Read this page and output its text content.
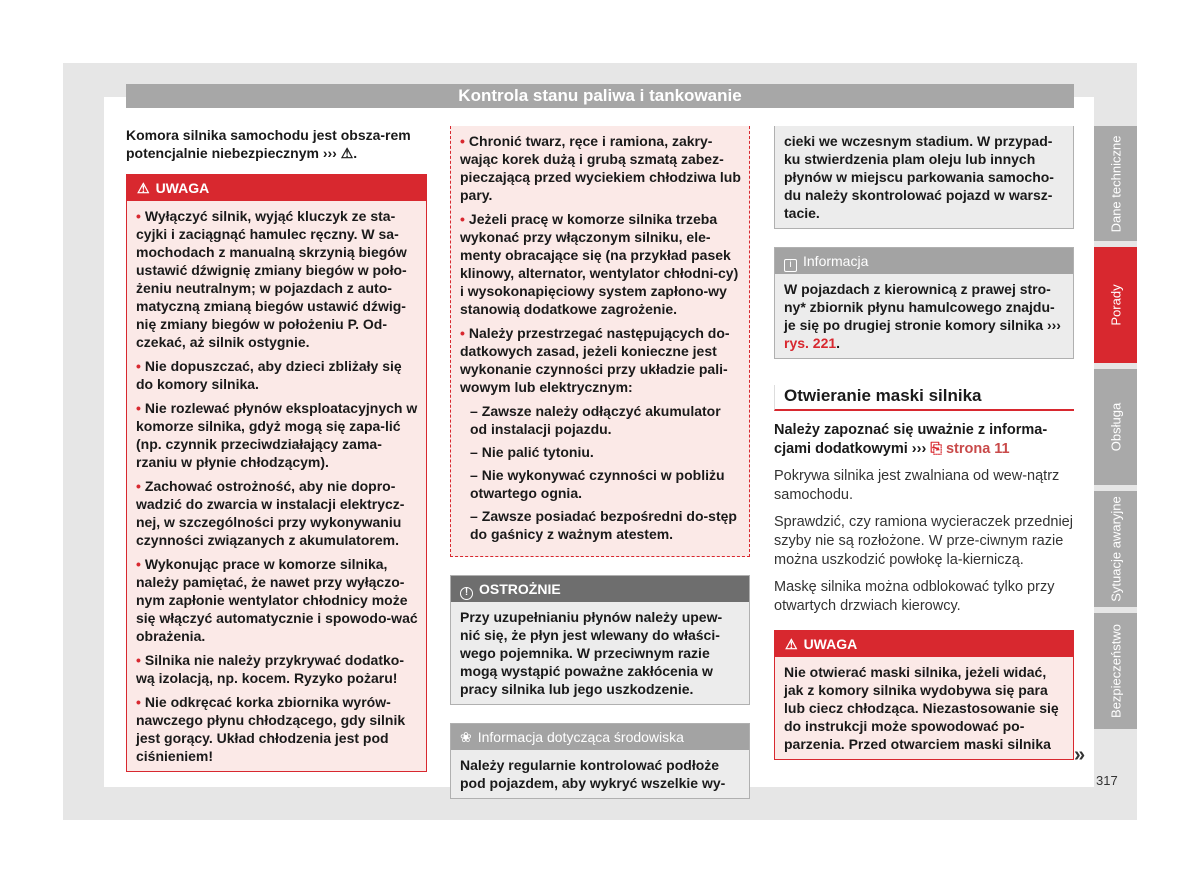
Kontrola stanu paliwa i tankowanie

Komora silnika samochodu jest obsza-rem potencjalnie niebezpiecznym ››› ⚠.

⚠ UWAGA

• Wyłączyć silnik, wyjąć kluczyk ze sta-cyjki i zaciągnąć hamulec ręczny. W sa-mochodach z manualną skrzynią biegów ustawić dźwignię zmiany biegów w poło-żeniu neutralnym; w pojazdach z auto-matyczną zmianą biegów ustawić dźwig-nię zmiany biegów w położeniu P. Od-czekać, aż silnik ostygnie.

• Nie dopuszczać, aby dzieci zbliżały się do komory silnika.

• Nie rozlewać płynów eksploatacyjnych w komorze silnika, gdyż mogą się zapa-lić (np. czynnik przeciwdziałający zama-rzaniu w płynie chłodzącym).

• Zachować ostrożność, aby nie dopro-wadzić do zwarcia w instalacji elektrycz-nej, w szczególności przy wykonywaniu czynności związanych z akumulatorem.

• Wykonując prace w komorze silnika, należy pamiętać, że nawet przy wyłączo-nym zapłonie wentylator chłodnicy może się włączyć automatycznie i spowodo-wać obrażenia.

• Silnika nie należy przykrywać dodatko-wą izolacją, np. kocem. Ryzyko pożaru!

• Nie odkręcać korka zbiornika wyrów-nawczego płynu chłodzącego, gdy silnik jest gorący. Układ chłodzenia jest pod ciśnieniem!

• Chronić twarz, ręce i ramiona, zakry-wając korek dużą i grubą szmatą zabez-pieczającą przed wyciekiem chłodziwa lub pary.

• Jeżeli pracę w komorze silnika trzeba wykonać przy włączonym silniku, ele-menty obracające się (na przykład pasek klinowy, alternator, wentylator chłodni-cy) i wysokonapięciowy system zapłono-wy stanowią dodatkowe zagrożenie.

• Należy przestrzegać następujących do-datkowych zasad, jeżeli konieczne jest wykonanie czynności przy układzie pali-wowym lub elektrycznym:

– Zawsze należy odłączyć akumulator od instalacji pojazdu.

– Nie palić tytoniu.

– Nie wykonywać czynności w pobliżu otwartego ognia.

– Zawsze posiadać bezpośredni do-stęp do gaśnicy z ważnym atestem.

! OSTROŻNIE
Przy uzupełnianiu płynów należy upew-nić się, że płyn jest wlewany do właści-wego pojemnika. W przeciwnym razie mogą wystąpić poważne zakłócenia w pracy silnika lub jego uszkodzenie.
❀ Informacja dotycząca środowiska
Należy regularnie kontrolować podłoże pod pojazdem, aby wykryć wszelkie wy-
cieki we wczesnym stadium. W przypad-ku stwierdzenia plam oleju lub innych płynów w miejscu parkowania samocho-du należy skontrolować pojazd w warsz-tacie.
i Informacja
W pojazdach z kierownicą z prawej stro-ny* zbiornik płynu hamulcowego znajdu-je się po drugiej stronie komory silnika ››› rys. 221.
Otwieranie maski silnika

Należy zapoznać się uważnie z informa-cjami dodatkowymi ››› ⎘ strona 11

Pokrywa silnika jest zwalniana od wew-nątrz samochodu.

Sprawdzić, czy ramiona wycieraczek przedniej szyby nie są rozłożone. W prze-ciwnym razie można uszkodzić powłokę la-kierniczą.

Maskę silnika można odblokować tylko przy otwartych drzwiach kierowcy.

⚠ UWAGA
Nie otwierać maski silnika, jeżeli widać, jak z komory silnika wydobywa się para lub ciecz chłodząca. Niezastosowanie się do instrukcji może spowodować po-parzenia. Przed otwarciem maski silnika	»
Dane techniczne
Porady
Obsługa
Sytuacje awaryjne
Bezpieczeństwo
317
